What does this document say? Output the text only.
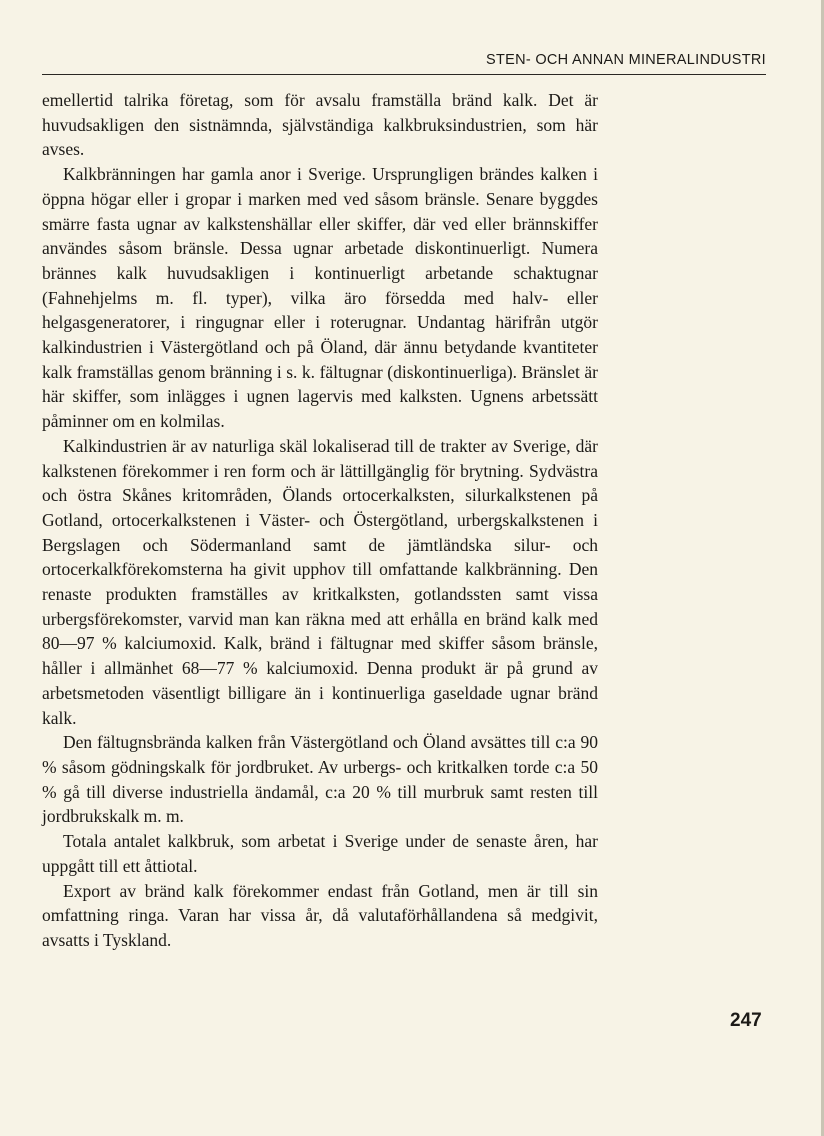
STEN- OCH ANNAN MINERALINDUSTRI

emellertid talrika företag, som för avsalu framställa bränd kalk. Det är huvudsakligen den sistnämnda, självständiga kalkbruksindustrien, som här avses.

Kalkbränningen har gamla anor i Sverige. Ursprungligen brändes kalken i öppna högar eller i gropar i marken med ved såsom bränsle. Senare byggdes smärre fasta ugnar av kalkstenshällar eller skiffer, där ved eller brännskiffer användes såsom bränsle. Dessa ugnar arbetade diskontinuerligt. Numera brännes kalk huvudsakligen i kontinuerligt arbetande schaktugnar (Fahnehjelms m. fl. typer), vilka äro försedda med halv- eller helgasgeneratorer, i ringugnar eller i roterugnar. Undantag härifrån utgör kalkindustrien i Västergötland och på Öland, där ännu betydande kvantiteter kalk framställas genom bränning i s. k. fältugnar (diskontinuerliga). Bränslet är här skiffer, som inlägges i ugnen lagervis med kalksten. Ugnens arbetssätt påminner om en kolmilas.

Kalkindustrien är av naturliga skäl lokaliserad till de trakter av Sverige, där kalkstenen förekommer i ren form och är lättillgänglig för brytning. Sydvästra och östra Skånes kritområden, Ölands ortocerkalksten, silurkalkstenen på Gotland, ortocerkalkstenen i Väster- och Östergötland, urbergskalkstenen i Bergslagen och Södermanland samt de jämtländska silur- och ortocerkalkförekomsterna ha givit upphov till omfattande kalkbränning. Den renaste produkten framställes av kritkalksten, gotlandssten samt vissa urbergsförekomster, varvid man kan räkna med att erhålla en bränd kalk med 80—97 % kalciumoxid. Kalk, bränd i fältugnar med skiffer såsom bränsle, håller i allmänhet 68—77 % kalciumoxid. Denna produkt är på grund av arbetsmetoden väsentligt billigare än i kontinuerliga gaseldade ugnar bränd kalk.

Den fältugnsbrända kalken från Västergötland och Öland avsättes till c:a 90 % såsom gödningskalk för jordbruket. Av urbergs- och kritkalken torde c:a 50 % gå till diverse industriella ändamål, c:a 20 % till murbruk samt resten till jordbrukskalk m. m.

Totala antalet kalkbruk, som arbetat i Sverige under de senaste åren, har uppgått till ett åttiotal.

Export av bränd kalk förekommer endast från Gotland, men är till sin omfattning ringa. Varan har vissa år, då valutaförhållandena så medgivit, avsatts i Tyskland.

247
